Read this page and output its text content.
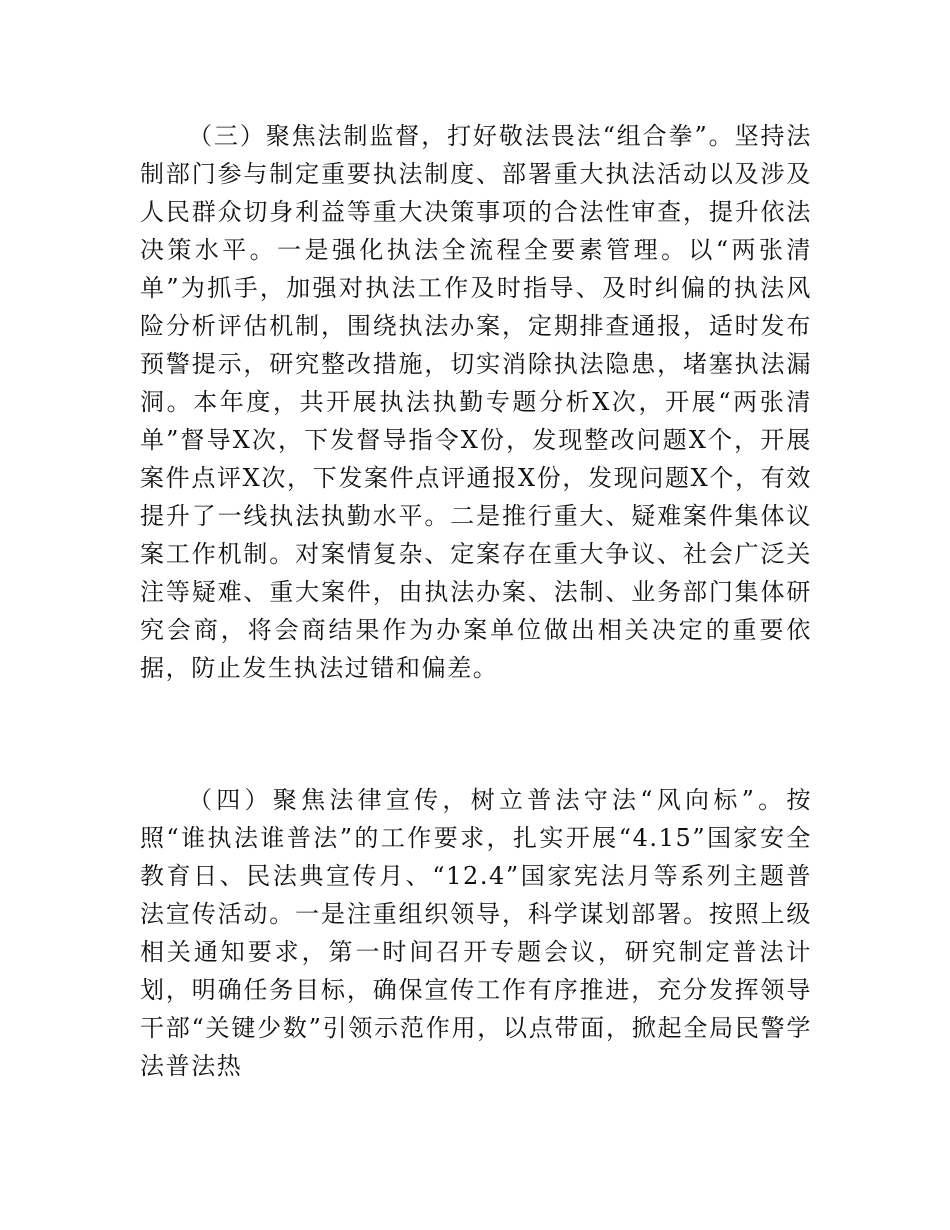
（三）聚焦法制监督，打好敬法畏法“组合拳”。坚持法制部门参与制定重要执法制度、部署重大执法活动以及涉及人民群众切身利益等重大决策事项的合法性审查，提升依法决策水平。一是强化执法全流程全要素管理。以“两张清单”为抓手，加强对执法工作及时指导、及时纠偏的执法风险分析评估机制，围绕执法办案，定期排查通报，适时发布预警提示，研究整改措施，切实消除执法隐患，堵塞执法漏洞。本年度，共开展执法执勤专题分析X次，开展“两张清单”督导X次，下发督导指令X份，发现整改问题X个，开展案件点评X次，下发案件点评通报X份，发现问题X个，有效提升了一线执法执勤水平。二是推行重大、疑难案件集体议案工作机制。对案情复杂、定案存在重大争议、社会广泛关注等疑难、重大案件，由执法办案、法制、业务部门集体研究会商，将会商结果作为办案单位做出相关决定的重要依据，防止发生执法过错和偏差。

（四）聚焦法律宣传，树立普法守法“风向标”。按照“谁执法谁普法”的工作要求，扎实开展“4.15”国家安全教育日、民法典宣传月、“12.4”国家宪法月等系列主题普法宣传活动。一是注重组织领导，科学谋划部署。按照上级相关通知要求，第一时间召开专题会议，研究制定普法计划，明确任务目标，确保宣传工作有序推进，充分发挥领导干部“关键少数”引领示范作用，以点带面，掀起全局民警学法普法热
